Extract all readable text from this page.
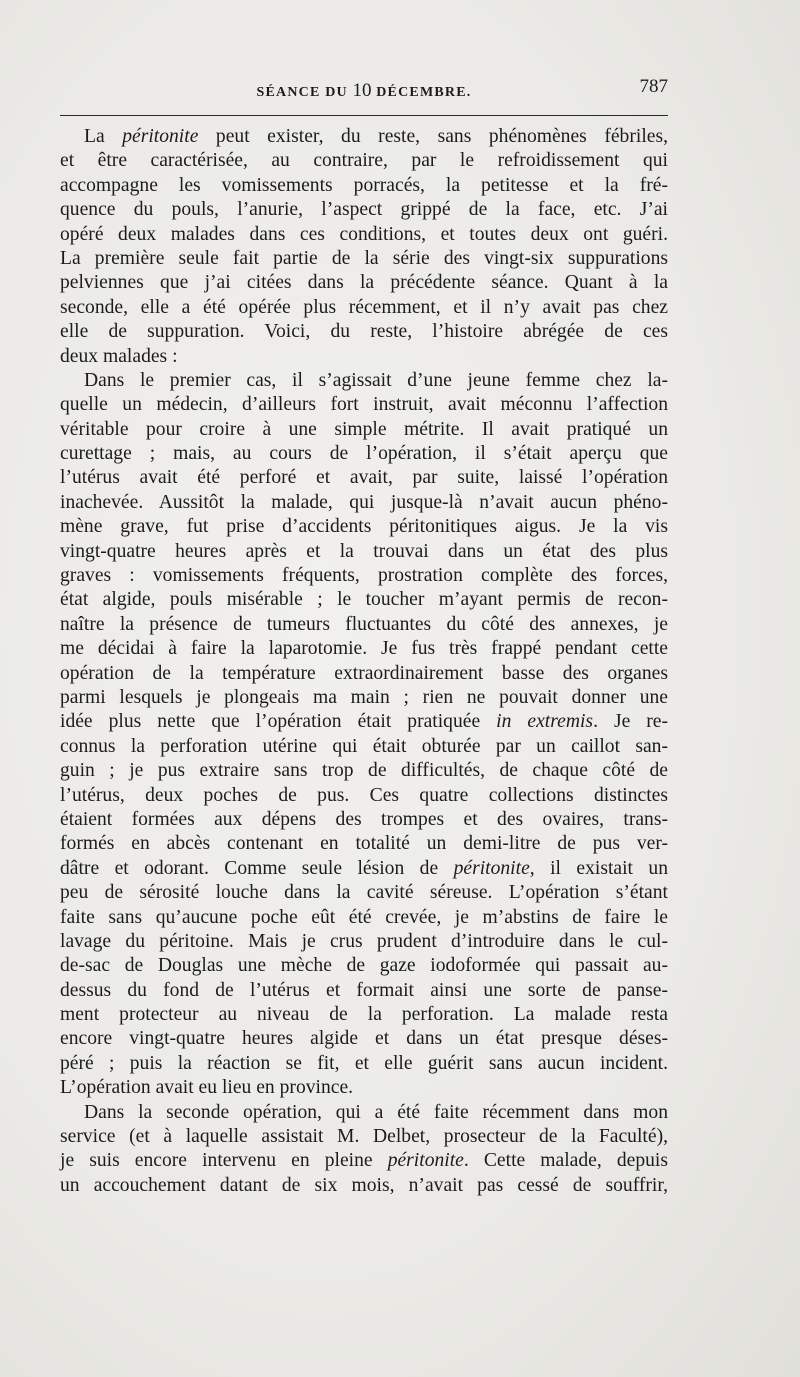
SÉANCE DU 10 DÉCEMBRE.	787
La péritonite peut exister, du reste, sans phénomènes fébriles,
et être caractérisée, au contraire, par le refroidissement qui
accompagne les vomissements porracés, la petitesse et la fré-
quence du pouls, l’anurie, l’aspect grippé de la face, etc. J’ai
opéré deux malades dans ces conditions, et toutes deux ont guéri.
La première seule fait partie de la série des vingt-six suppurations
pelviennes que j’ai citées dans la précédente séance. Quant à la
seconde, elle a été opérée plus récemment, et il n’y avait pas chez
elle de suppuration. Voici, du reste, l’histoire abrégée de ces
deux malades :
Dans le premier cas, il s’agissait d’une jeune femme chez la-
quelle un médecin, d’ailleurs fort instruit, avait méconnu l’affection
véritable pour croire à une simple métrite. Il avait pratiqué un
curettage ; mais, au cours de l’opération, il s’était aperçu que
l’utérus avait été perforé et avait, par suite, laissé l’opération
inachevée. Aussitôt la malade, qui jusque-là n’avait aucun phéno-
mène grave, fut prise d’accidents péritonitiques aigus. Je la vis
vingt-quatre heures après et la trouvai dans un état des plus
graves : vomissements fréquents, prostration complète des forces,
état algide, pouls misérable ; le toucher m’ayant permis de recon-
naître la présence de tumeurs fluctuantes du côté des annexes, je
me décidai à faire la laparotomie. Je fus très frappé pendant cette
opération de la température extraordinairement basse des organes
parmi lesquels je plongeais ma main ; rien ne pouvait donner une
idée plus nette que l’opération était pratiquée in extremis. Je re-
connus la perforation utérine qui était obturée par un caillot san-
guin ; je pus extraire sans trop de difficultés, de chaque côté de
l’utérus, deux poches de pus. Ces quatre collections distinctes
étaient formées aux dépens des trompes et des ovaires, trans-
formés en abcès contenant en totalité un demi-litre de pus ver-
dâtre et odorant. Comme seule lésion de péritonite, il existait un
peu de sérosité louche dans la cavité séreuse. L’opération s’étant
faite sans qu’aucune poche eût été crevée, je m’abstins de faire le
lavage du péritoine. Mais je crus prudent d’introduire dans le cul-
de-sac de Douglas une mèche de gaze iodoformée qui passait au-
dessus du fond de l’utérus et formait ainsi une sorte de panse-
ment protecteur au niveau de la perforation. La malade resta
encore vingt-quatre heures algide et dans un état presque déses-
péré ; puis la réaction se fit, et elle guérit sans aucun incident.
L’opération avait eu lieu en province.
Dans la seconde opération, qui a été faite récemment dans mon
service (et à laquelle assistait M. Delbet, prosecteur de la Faculté),
je suis encore intervenu en pleine péritonite. Cette malade, depuis
un accouchement datant de six mois, n’avait pas cessé de souffrir,
